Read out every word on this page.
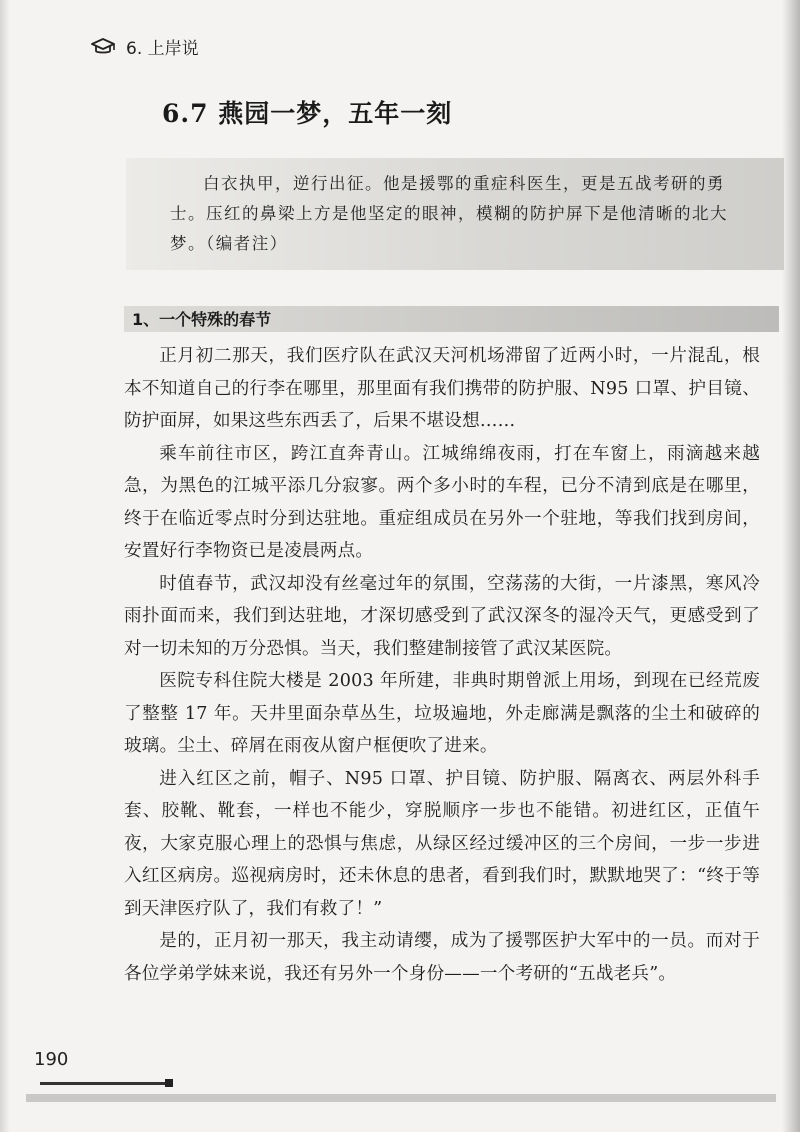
6. 上岸说
6.7 燕园一梦，五年一刻

白衣执甲，逆行出征。他是援鄂的重症科医生，更是五战考研的勇士。压红的鼻梁上方是他坚定的眼神，模糊的防护屏下是他清晰的北大梦。（编者注）

1、一个特殊的春节

正月初二那天，我们医疗队在武汉天河机场滞留了近两小时，一片混乱，根本不知道自己的行李在哪里，那里面有我们携带的防护服、N95 口罩、护目镜、防护面屏，如果这些东西丢了，后果不堪设想……

乘车前往市区，跨江直奔青山。江城绵绵夜雨，打在车窗上，雨滴越来越急，为黑色的江城平添几分寂寥。两个多小时的车程，已分不清到底是在哪里，终于在临近零点时分到达驻地。重症组成员在另外一个驻地，等我们找到房间，安置好行李物资已是凌晨两点。

时值春节，武汉却没有丝毫过年的氛围，空荡荡的大街，一片漆黑，寒风冷雨扑面而来，我们到达驻地，才深切感受到了武汉深冬的湿冷天气，更感受到了对一切未知的万分恐惧。当天，我们整建制接管了武汉某医院。

医院专科住院大楼是 2003 年所建，非典时期曾派上用场，到现在已经荒废了整整 17 年。天井里面杂草丛生，垃圾遍地，外走廊满是飘落的尘土和破碎的玻璃。尘土、碎屑在雨夜从窗户框便吹了进来。

进入红区之前，帽子、N95 口罩、护目镜、防护服、隔离衣、两层外科手套、胶靴、靴套，一样也不能少，穿脱顺序一步也不能错。初进红区，正值午夜，大家克服心理上的恐惧与焦虑，从绿区经过缓冲区的三个房间，一步一步进入红区病房。巡视病房时，还未休息的患者，看到我们时，默默地哭了：“终于等到天津医疗队了，我们有救了！”

是的，正月初一那天，我主动请缨，成为了援鄂医护大军中的一员。而对于各位学弟学妹来说，我还有另外一个身份——一个考研的“五战老兵”。

190
